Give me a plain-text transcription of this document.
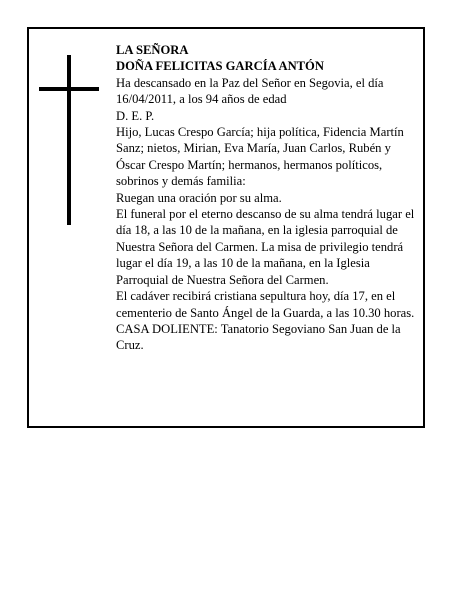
LA SEÑORA

DOÑA FELICITAS GARCÍA ANTÓN

Ha descansado en la Paz del Señor en Segovia, el día 16/04/2011, a los 94 años de edad

D. E. P.

Hijo, Lucas Crespo García; hija política, Fidencia Martín Sanz; nietos, Mirian, Eva María, Juan Carlos, Rubén y Óscar Crespo Martín; hermanos, hermanos políticos, sobrinos y demás familia:

Ruegan una oración por su alma.

El funeral por el eterno descanso de su alma tendrá lugar el día 18, a las 10 de la mañana, en la iglesia parroquial de Nuestra Señora del Carmen. La misa de privilegio tendrá lugar el día 19, a las 10 de la mañana, en la Iglesia Parroquial de Nuestra Señora del Carmen.

El cadáver recibirá cristiana sepultura hoy, día 17, en el cementerio de Santo Ángel de la Guarda, a las 10.30 horas.

CASA DOLIENTE: Tanatorio Segoviano San Juan de la Cruz.
